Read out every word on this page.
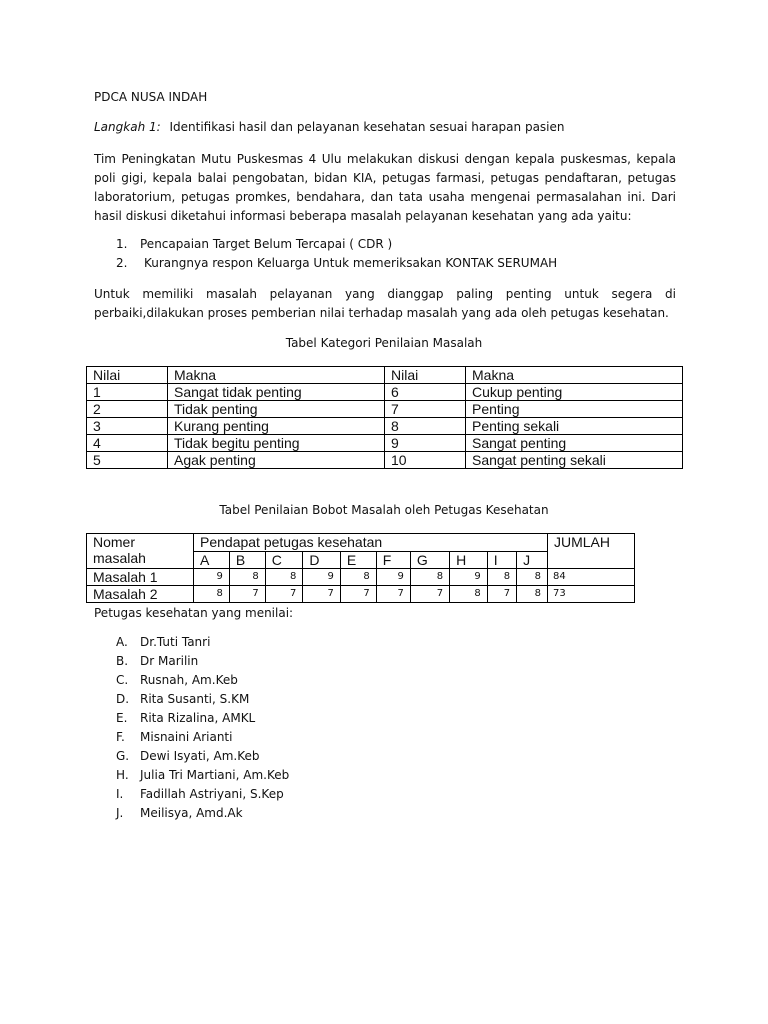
PDCA NUSA INDAH
Langkah 1: Identifikasi hasil dan pelayanan kesehatan sesuai harapan pasien
Tim Peningkatan Mutu Puskesmas 4 Ulu melakukan diskusi dengan kepala puskesmas, kepala poli gigi, kepala balai pengobatan, bidan KIA, petugas farmasi, petugas pendaftaran, petugas laboratorium, petugas promkes, bendahara, dan tata usaha mengenai permasalahan ini. Dari hasil diskusi diketahui informasi beberapa masalah pelayanan kesehatan yang ada yaitu:
1. Pencapaian Target Belum Tercapai ( CDR )
2. Kurangnya respon Keluarga Untuk memeriksakan KONTAK SERUMAH
Untuk memiliki masalah pelayanan yang dianggap paling penting untuk segera di perbaiki,dilakukan proses pemberian nilai terhadap masalah yang ada oleh petugas kesehatan.
Tabel Kategori Penilaian Masalah
Nilai	Makna	Nilai	Makna
1	Sangat tidak penting	6	Cukup penting
2	Tidak penting	7	Penting
3	Kurang penting	8	Penting sekali
4	Tidak begitu penting	9	Sangat penting
5	Agak penting	10	Sangat penting sekali
Tabel Penilaian Bobot Masalah oleh Petugas Kesehatan
Nomer
masalah	Pendapat petugas kesehatan										JUMLAH
	A	B	C	D	E	F	G	H	I	J	
Masalah 1	9	8	8	9	8	9	8	9	8	8	84
Masalah 2	8	7	7	7	7	7	7	8	7	8	73
Petugas kesehatan yang menilai:
A. Dr.Tuti Tanri
B. Dr Marilin
C. Rusnah, Am.Keb
D. Rita Susanti, S.KM
E. Rita Rizalina, AMKL
F. Misnaini Arianti
G. Dewi Isyati, Am.Keb
H. Julia Tri Martiani, Am.Keb
I. Fadillah Astriyani, S.Kep
J. Meilisya, Amd.Ak
